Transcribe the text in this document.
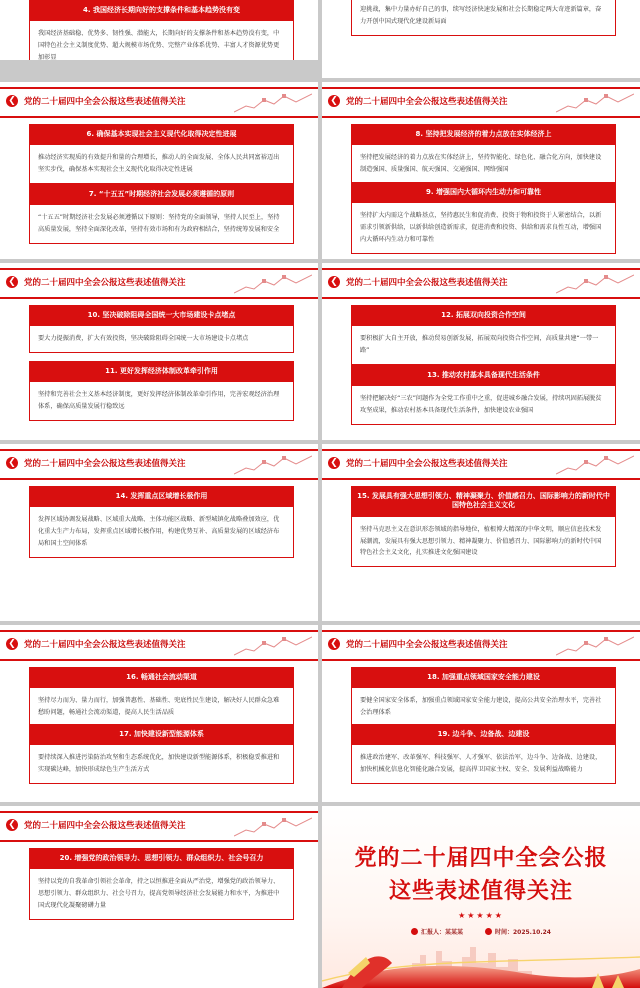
4. 我国经济长期向好的支撑条件和基本趋势没有变
我国经济基础稳、优势多、韧性强、潜能大，长期向好的支撑条件和基本趋势没有变，中国特色社会主义制度优势、超大规模市场优势、完整产业体系优势、丰富人才资源优势更加彰显
迎挑战，集中力量办好自己的事，续写经济快速发展和社会长期稳定两大奇迹新篇章，奋力开创中国式现代化建设新局面
❮ 党的二十届四中全会公报这些表述值得关注
6. 确保基本实现社会主义现代化取得决定性进展
推动经济实现质的有效提升和量的合理增长，推动人的全面发展、全体人民共同富裕迈出坚实步伐，确保基本实现社会主义现代化取得决定性进展
7. “十五五”时期经济社会发展必须遵循的原则
“十五五”时期经济社会发展必须遵循以下原则：坚持党的全面领导，坚持人民至上，坚持高质量发展，坚持全面深化改革，坚持有效市场和有为政府相结合，坚持统筹发展和安全
❮ 党的二十届四中全会公报这些表述值得关注
8. 坚持把发展经济的着力点放在实体经济上
坚持把发展经济的着力点放在实体经济上，坚持智能化、绿色化、融合化方向，加快建设制造强国、质量强国、航天强国、交通强国、网络强国
9. 增强国内大循环内生动力和可靠性
坚持扩大内需这个战略基点，坚持惠民生和促消费、投资于物和投资于人紧密结合，以新需求引领新供给，以新供给创造新需求，促进消费和投资、供给和需求良性互动，增强国内大循环内生动力和可靠性
❮ 党的二十届四中全会公报这些表述值得关注
10. 坚决破除阻碍全国统一大市场建设卡点堵点
要大力提振消费，扩大有效投资，坚决破除阻碍全国统一大市场建设卡点堵点
11. 更好发挥经济体制改革牵引作用
坚持和完善社会主义基本经济制度，更好发挥经济体制改革牵引作用，完善宏观经济治理体系，确保高质量发展行稳致远
❮ 党的二十届四中全会公报这些表述值得关注
12. 拓展双向投资合作空间
要积极扩大自主开放，推动贸易创新发展，拓展双向投资合作空间，高质量共建“一带一路”
13. 推动农村基本具备现代生活条件
坚持把解决好“三农”问题作为全党工作重中之重，促进城乡融合发展，持续巩固拓展脱贫攻坚成果，推动农村基本具备现代生活条件，加快建设农业强国
❮ 党的二十届四中全会公报这些表述值得关注
14. 发挥重点区域增长极作用
发挥区域协调发展战略、区域重大战略、主体功能区战略、新型城镇化战略叠加效应，优化重大生产力布局，发挥重点区域增长极作用，构建优势互补、高质量发展的区域经济布局和国土空间体系
❮ 党的二十届四中全会公报这些表述值得关注
15. 发展具有强大思想引领力、精神凝聚力、价值感召力、国际影响力的新时代中国特色社会主义文化
坚持马克思主义在意识形态领域的指导地位，植根博大精深的中华文明，顺应信息技术发展潮流，发展具有强大思想引领力、精神凝聚力、价值感召力、国际影响力的新时代中国特色社会主义文化，扎实推进文化强国建设
❮ 党的二十届四中全会公报这些表述值得关注
16. 畅通社会流动渠道
坚持尽力而为、量力而行，加强普惠性、基础性、兜底性民生建设，解决好人民群众急难愁盼问题，畅通社会流动渠道，提高人民生活品质
17. 加快建设新型能源体系
要持续深入推进污染防治攻坚和生态系统优化，加快建设新型能源体系，积极稳妥推进和实现碳达峰，加快形成绿色生产生活方式
❮ 党的二十届四中全会公报这些表述值得关注
18. 加强重点领域国家安全能力建设
要健全国家安全体系，加强重点领域国家安全能力建设，提高公共安全治理水平，完善社会治理体系
19. 边斗争、边备战、边建设
推进政治建军、改革强军、科技强军、人才强军、依法治军，边斗争、边备战、边建设，加快机械化信息化智能化融合发展，提高捍卫国家主权、安全、发展利益战略能力
❮ 党的二十届四中全会公报这些表述值得关注
20. 增强党的政治领导力、思想引领力、群众组织力、社会号召力
坚持以党的自我革命引领社会革命，持之以恒推进全面从严治党，增强党的政治领导力、思想引领力、群众组织力、社会号召力，提高党领导经济社会发展能力和水平，为推进中国式现代化凝聚磅礴力量
党的二十届四中全会公报
这些表述值得关注
★★★★★
汇报人：某某某	时间：2025.10.24
